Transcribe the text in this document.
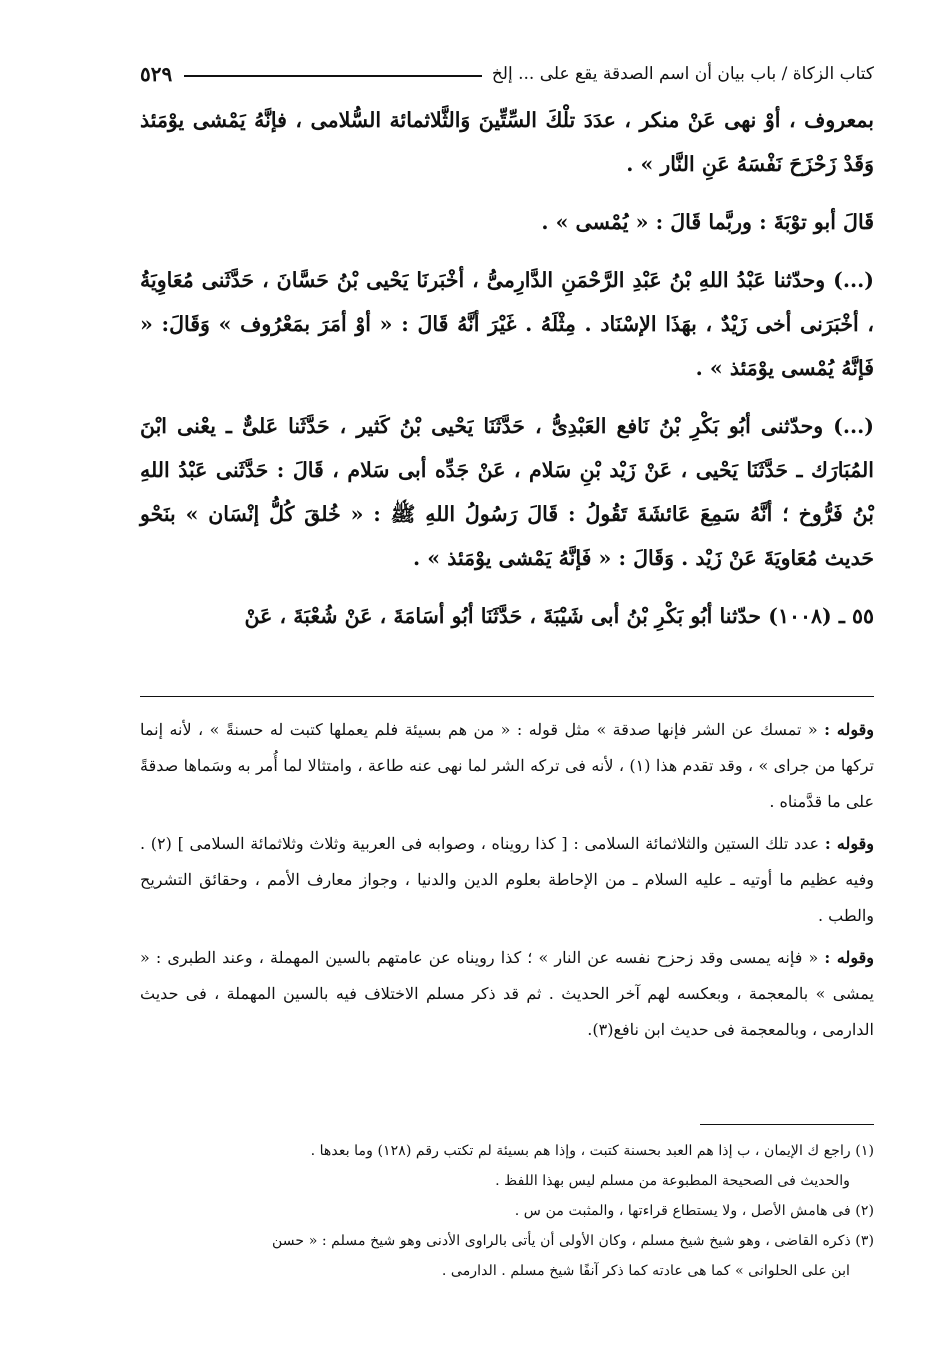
كتاب الزكاة / باب بيان أن اسم الصدقة يقع على ... إلخ
٥٢٩

بمعروف ، أوْ نهى عَنْ منكر ، عدَدَ تلْكَ السِّتِّينَ وَالثَّلاثمائة السُّلامى ، فإنَّهُ يَمْشى يوْمَئذ وَقَدْ زَحْزَحَ نَفْسَهُ عَنِ النَّار » .

قَالَ أبو توْبَةَ : وربَّما قَالَ : « يُمْسى » .

(...) وحدّثنا عَبْدُ اللهِ بْنُ عَبْدِ الرَّحْمَنِ الدَّارِمىُّ ، أخْبَرنَا يَحْيى بْنُ حَسَّانَ ، حَدَّثَنى مُعَاوِيَةُ ، أخْبَرَنى أخى زَيْدٌ ، بهَذَا الإسْنَاد . مِثْلَهُ . غَيْرَ أنَّهُ قَالَ : « أوْ أمَرَ بمَعْرُوف » وَقَالَ: « فَإنَّهُ يُمْسى يوْمَئذ » .

(...) وحدّثنى أبُو بَكْرِ بْنُ نَافع العَبْدِىُّ ، حَدَّثَنَا يَحْيى بْنُ كَثير ، حَدَّثَنا عَلىٌّ ـ يعْنى ابْنَ المُبَارَك ـ حَدَّثَنَا يَحْيى ، عَنْ زَيْد بْنِ سَلام ، عَنْ جَدِّه أبى سَلام ، قَالَ : حَدَّثَنى عَبْدُ اللهِ بْنُ فَرُّوخ ؛ أنَّهُ سَمِعَ عَائشَةَ تَقُولُ : قَالَ رَسُولُ اللهِ ﷺ : « خُلقَ كُلُّ إنْسَان » بنَحْو حَديث مُعَاويَةَ عَنْ زَيْد . وَقَالَ : « فَإنَّهُ يَمْشى يوْمَئذ » .

٥٥ ـ (١٠٠٨) حدّثنا أبُو بَكْرِ بْنُ أبى شَيْبَةَ ، حَدَّثَنَا أبُو أسَامَةَ ، عَنْ شُعْبَةَ ، عَنْ

وقوله : « تمسك عن الشر فإنها صدقة » مثل قوله : « من هم بسيئة فلم يعملها كتبت له حسنةً » ، لأنه إنما تركها من جراى » ، وقد تقدم هذا (١) ، لأنه فى تركه الشر لما نهى عنه طاعة ، وامتثالا لما أُمر به وسَماها صدقةً على ما قدَّمناه .

وقوله : عدد تلك الستين والثلاثمائة السلامى : [ كذا رويناه ، وصوابه فى العربية وثلاث وثلاثمائة السلامى ] (٢) . وفيه عظيم ما أوتيه ـ عليه السلام ـ من الإحاطة بعلوم الدين والدنيا ، وجواز معارف الأمم ، وحقائق التشريح والطب .

وقوله : « فإنه يمسى وقد زحزح نفسه عن النار » ؛ كذا رويناه عن عامتهم بالسين المهملة ، وعند الطبرى : « يمشى » بالمعجمة ، وبعكسه لهم آخر الحديث . ثم قد ذكر مسلم الاختلاف فيه بالسين المهملة ، فى حديث الدارمى ، وبالمعجمة فى حديث ابن نافع(٣).

(١) راجع ك الإيمان ، ب إذا هم العبد بحسنة كتبت ، وإذا هم بسيئة لم تكتب رقم (١٢٨) وما بعدها .

والحديث فى الصحيحة المطبوعة من مسلم ليس بهذا اللفظ .

(٢) فى هامش الأصل ، ولا يستطاع قراءتها ، والمثبت من س .

(٣) ذكره القاضى ، وهو شيخ شيخ مسلم ، وكان الأولى أن يأتى بالراوى الأدنى وهو شيخ مسلم : « حسن

ابن على الحلوانى » كما هى عادته كما ذكر آنفًا شيخ مسلم . الدارمى .
